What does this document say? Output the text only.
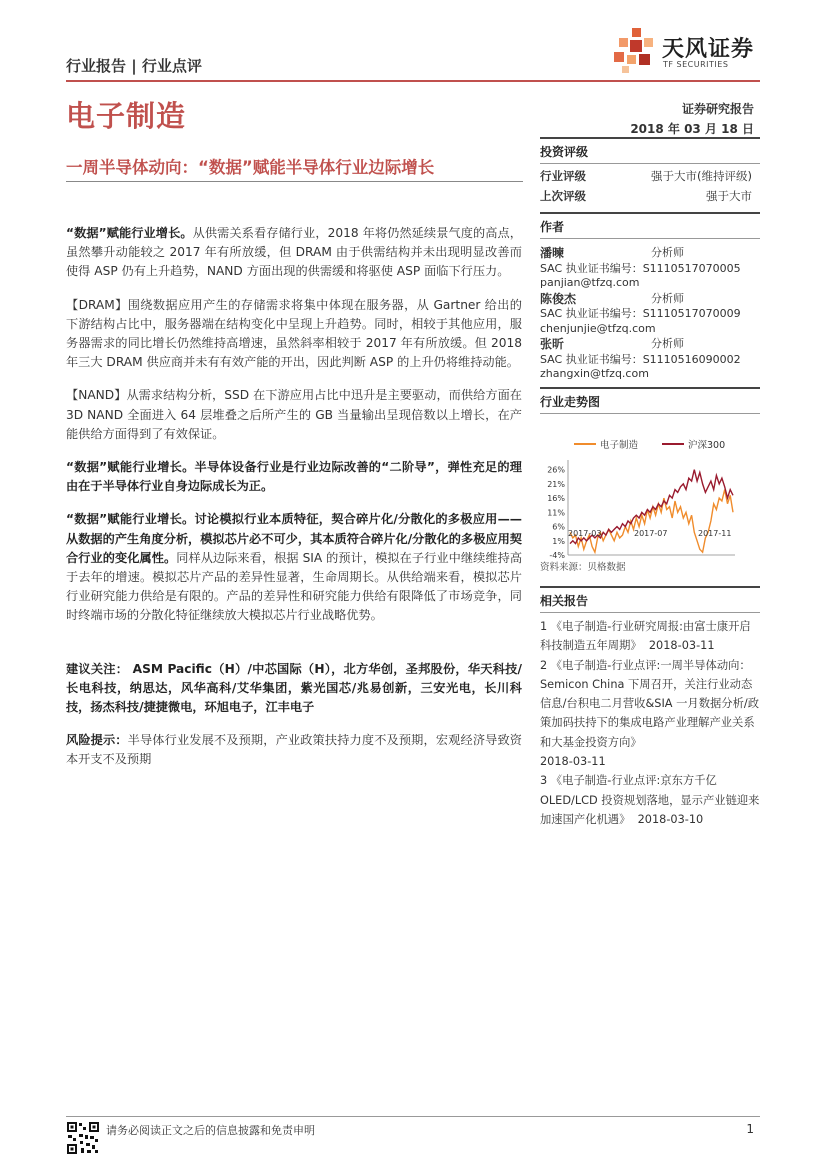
行业报告 | 行业点评
天风证券
TF SECURITIES
电子制造	证券研究报告
2018 年 03 月 18 日
一周半导体动向：“数据”赋能半导体行业边际增长

“数据”赋能行业增长。从供需关系看存储行业，2018 年将仍然延续景气度的高点，虽然攀升动能较之 2017 年有所放缓，但 DRAM 由于供需结构并未出现明显改善而使得 ASP 仍有上升趋势，NAND 方面出现的供需缓和将驱使 ASP 面临下行压力。

【DRAM】围绕数据应用产生的存储需求将集中体现在服务器，从 Gartner 给出的下游结构占比中，服务器端在结构变化中呈现上升趋势。同时，相较于其他应用，服务器需求的同比增长仍然维持高增速，虽然斜率相较于 2017 年有所放缓。但 2018 年三大 DRAM 供应商并未有有效产能的开出，因此判断 ASP 的上升仍将维持动能。

【NAND】从需求结构分析，SSD 在下游应用占比中迅升是主要驱动，而供给方面在 3D NAND 全面进入 64 层堆叠之后所产生的 GB 当量输出呈现倍数以上增长，在产能供给方面得到了有效保证。

“数据”赋能行业增长。半导体设备行业是行业边际改善的“二阶导”，弹性充足的理由在于半导体行业自身边际成长为正。

“数据”赋能行业增长。讨论模拟行业本质特征，契合碎片化/分散化的多极应用——从数据的产生角度分析，模拟芯片必不可少，其本质符合碎片化/分散化的多极应用契合行业的变化属性。同样从边际来看，根据 SIA 的预计，模拟在子行业中继续维持高于去年的增速。模拟芯片产品的差异性显著，生命周期长。从供给端来看，模拟芯片行业研究能力供给是有限的。产品的差异性和研究能力供给有限降低了市场竞争，同时终端市场的分散化特征继续放大模拟芯片行业战略优势。

建议关注： ASM Pacific（H）/中芯国际（H），北方华创，圣邦股份，华天科技/长电科技，纳思达，风华高科/艾华集团，紫光国芯/兆易创新，三安光电，长川科技，扬杰科技/捷捷微电，环旭电子，江丰电子

风险提示：半导体行业发展不及预期，产业政策扶持力度不及预期，宏观经济导致资本开支不及预期

投资评级
行业评级	强于大市(维持评级)
上次评级	强于大市
作者
潘暕	分析师
SAC 执业证书编号：S1110517070005
panjian@tfzq.com
陈俊杰	分析师
SAC 执业证书编号：S1110517070009
chenjunjie@tfzq.com
张昕	分析师
SAC 执业证书编号：S1110516090002
zhangxin@tfzq.com
行业走势图
电子制造	沪深300
26%
21%
16%
11%
6%
1%
-4%
资料来源：贝格数据
相关报告
1 《电子制造-行业研究周报:由富士康开启科技制造五年周期》 2018-03-11
2 《电子制造-行业点评:一周半导体动向：Semicon China 下周召开，关注行业动态信息/台积电二月营收&SIA 一月数据分析/政策加码扶持下的集成电路产业理解产业关系和大基金投资方向》
2018-03-11
3 《电子制造-行业点评:京东方千亿 OLED/LCD 投资规划落地，显示产业链迎来加速国产化机遇》 2018-03-10
请务必阅读正文之后的信息披露和免责申明	1
2017-03	2017-07	2017-11
